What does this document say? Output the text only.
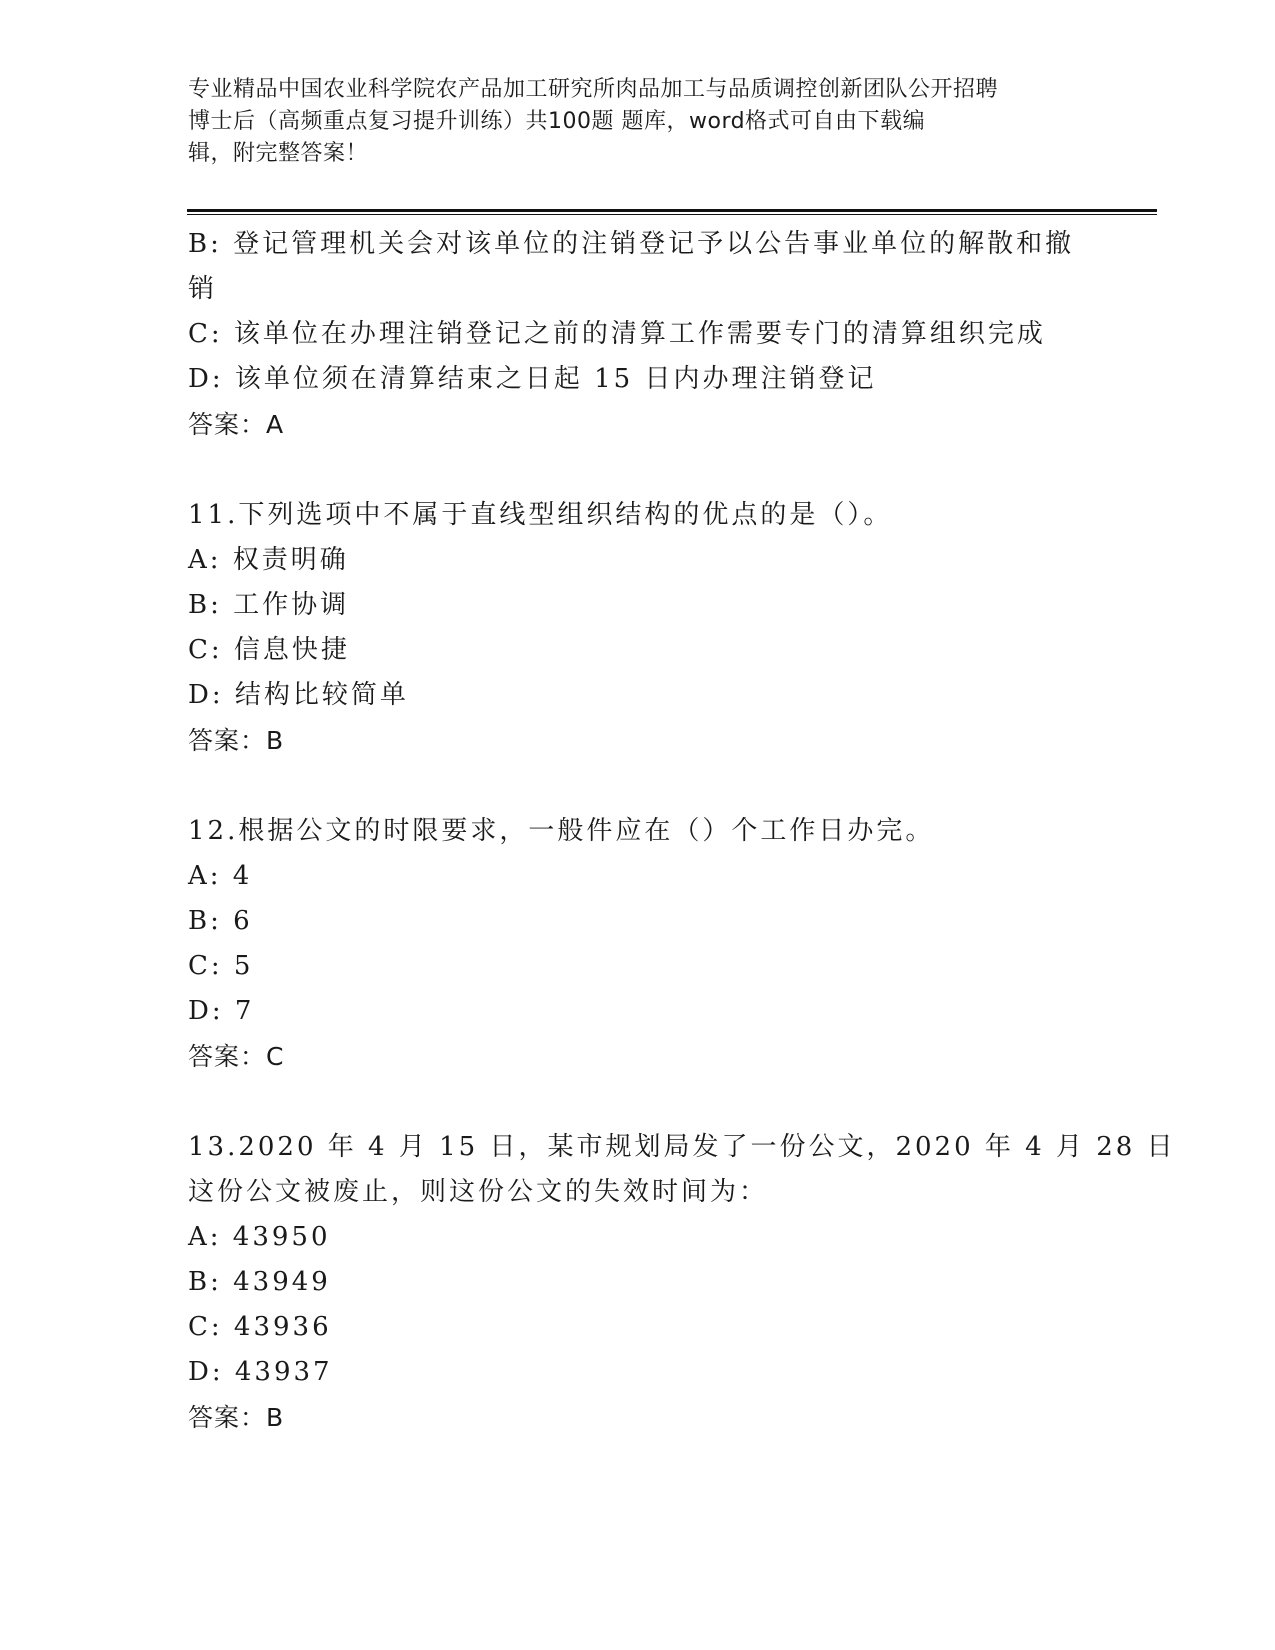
专业精品中国农业科学院农产品加工研究所肉品加工与品质调控创新团队公开招聘
博士后（高频重点复习提升训练）共100题 题库，word格式可自由下载编
辑，附完整答案！
B: 登记管理机关会对该单位的注销登记予以公告事业单位的解散和撤
销
C: 该单位在办理注销登记之前的清算工作需要专门的清算组织完成
D: 该单位须在清算结束之日起 15 日内办理注销登记
答案：A
11.下列选项中不属于直线型组织结构的优点的是（）。
A: 权责明确
B: 工作协调
C: 信息快捷
D: 结构比较简单
答案：B
12.根据公文的时限要求，一般件应在（）个工作日办完。
A: 4
B: 6
C: 5
D: 7
答案：C
13.2020 年 4 月 15 日，某市规划局发了一份公文，2020 年 4 月 28 日
这份公文被废止，则这份公文的失效时间为：
A: 43950
B: 43949
C: 43936
D: 43937
答案：B
